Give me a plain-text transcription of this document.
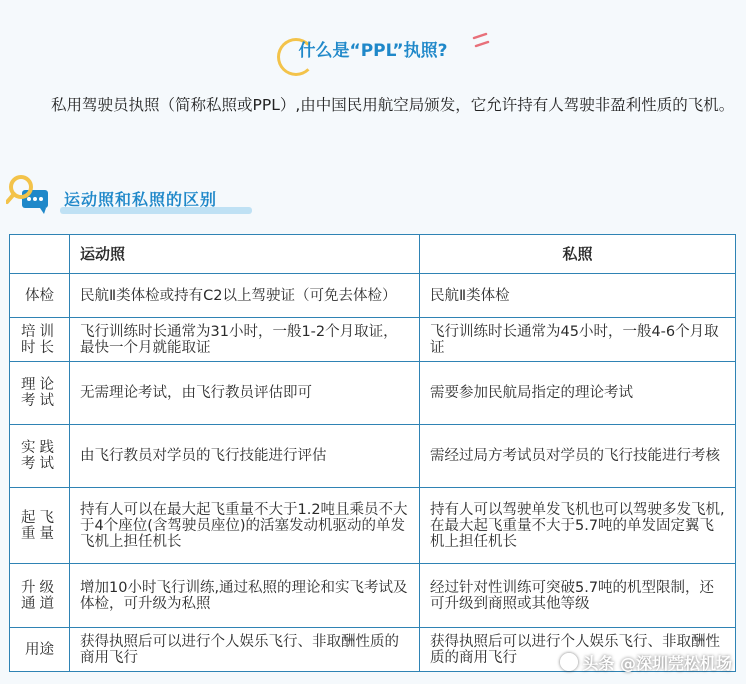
什么是“PPL”执照?
私用驾驶员执照（简称私照或PPL）,由中国民用航空局颁发，它允许持有人驾驶非盈利性质的飞机。
运动照和私照的区别
	运动照	私照
体检	民航Ⅱ类体检或持有C2以上驾驶证（可免去体检）	民航Ⅱ类体检
培训时长	飞行训练时长通常为31小时，一般1-2个月取证，最快一个月就能取证	飞行训练时长通常为45小时，一般4-6个月取证
理论考试	无需理论考试，由飞行教员评估即可	需要参加民航局指定的理论考试
实践考试	由飞行教员对学员的飞行技能进行评估	需经过局方考试员对学员的飞行技能进行考核
起飞重量	持有人可以在最大起飞重量不大于1.2吨且乘员不大于4个座位(含驾驶员座位)的活塞发动机驱动的单发飞机上担任机长	持有人可以驾驶单发飞机也可以驾驶多发飞机,在最大起飞重量不大于5.7吨的单发固定翼飞机上担任机长
升级通道	增加10小时飞行训练,通过私照的理论和实飞考试及体检，可升级为私照	经过针对性训练可突破5.7吨的机型限制，还可升级到商照或其他等级
用途	获得执照后可以进行个人娱乐飞行、非取酬性质的商用飞行	获得执照后可以进行个人娱乐飞行、非取酬性质的商用飞行	头条 @深圳莞松机场
